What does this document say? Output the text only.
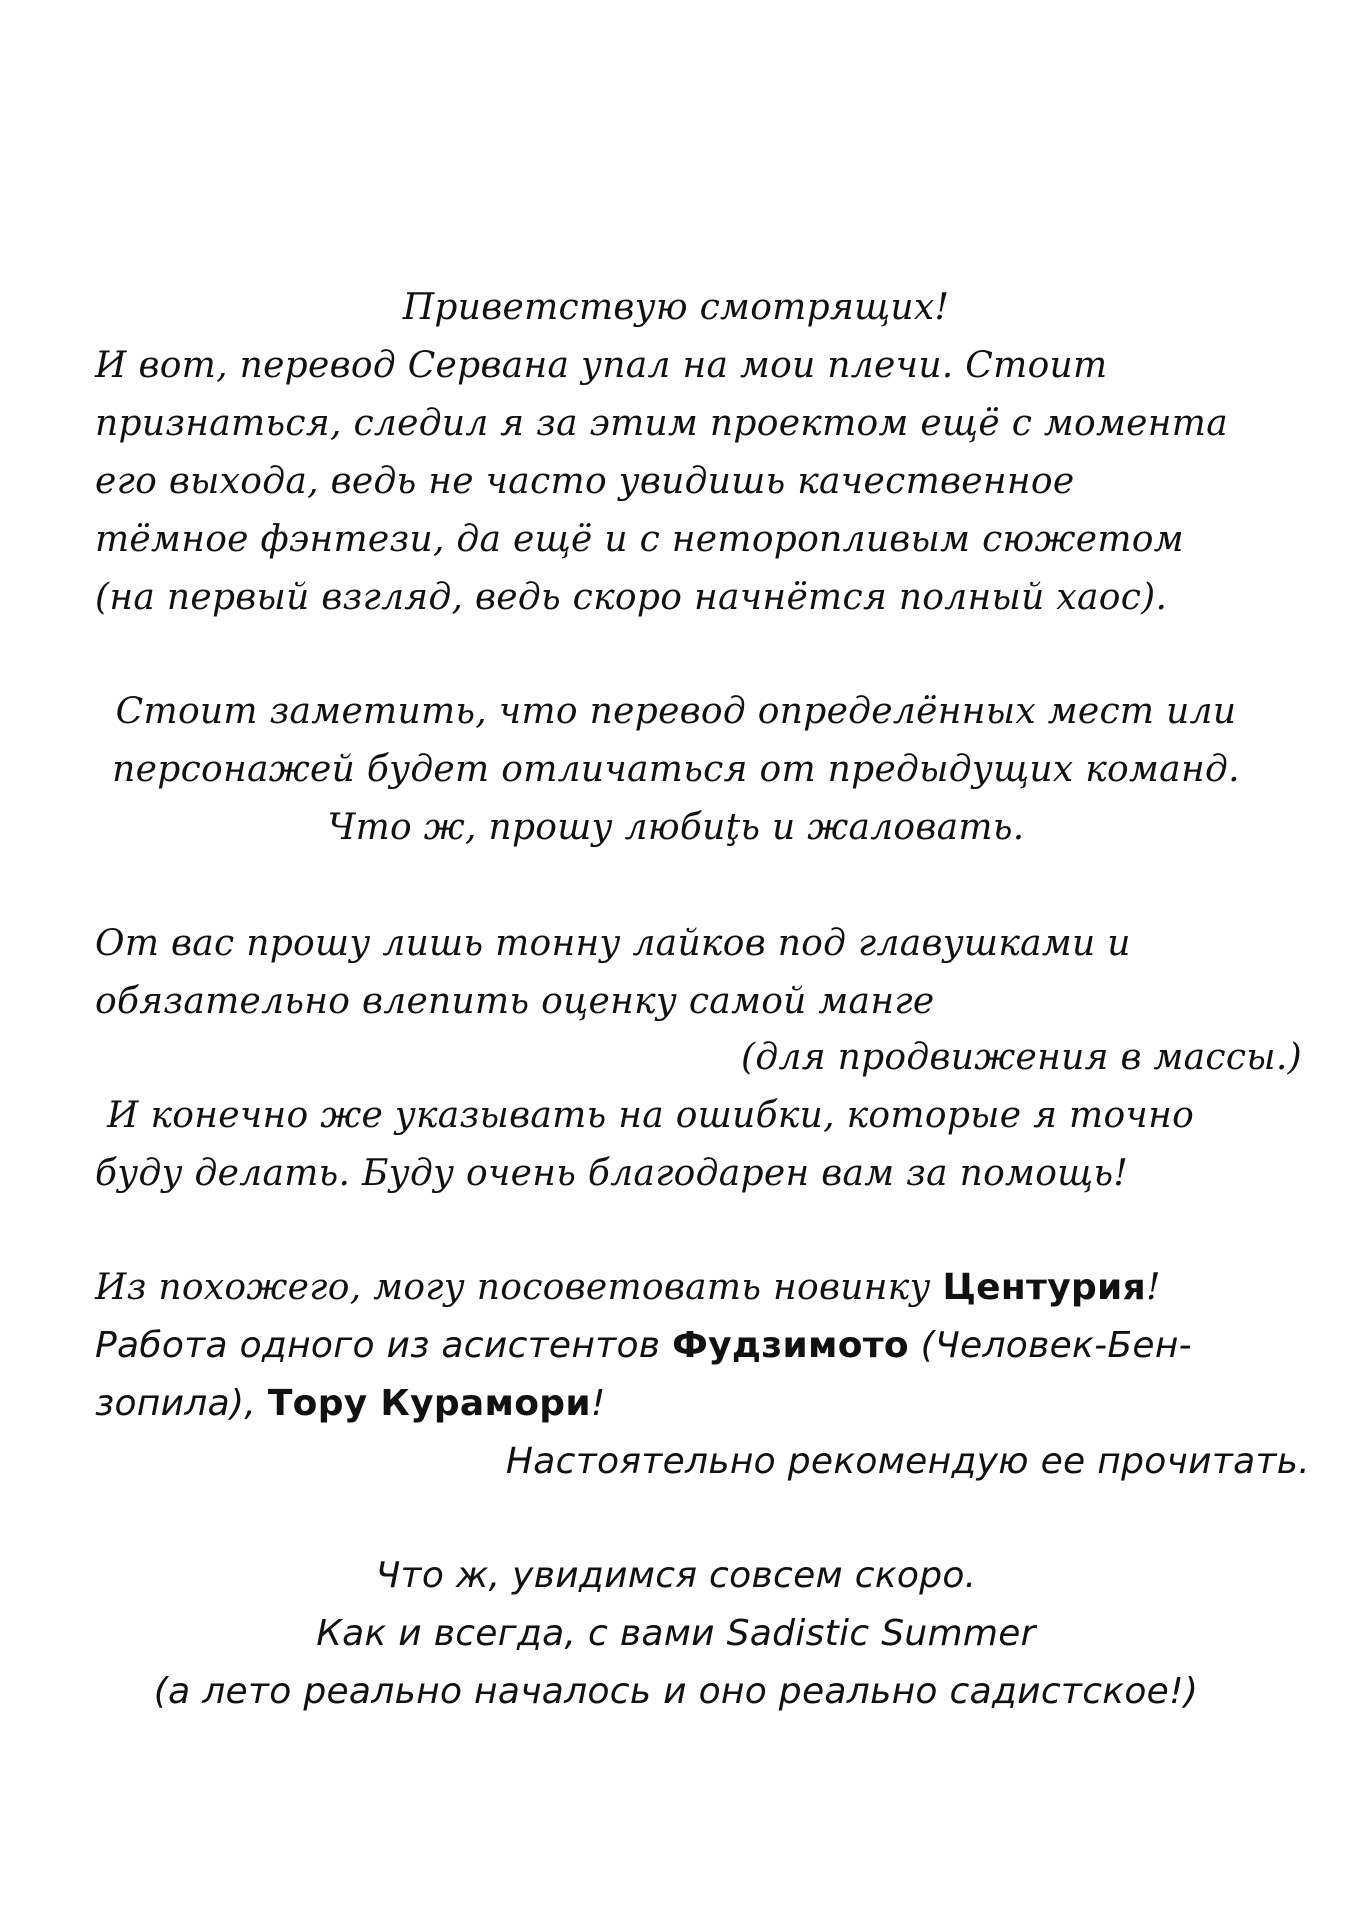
Приветствую смотрящих!
И вот, перевод Сервана упал на мои плечи. Стоит
признаться, следил я за этим проектом ещё с момента
его выхода, ведь не часто увидишь качественное
тёмное фэнтези, да ещё и с неторопливым сюжетом
(на первый взгляд, ведь скоро начнётся полный хаос).
Стоит заметить, что перевод определённых мест или
персонажей будет отличаться от предыдущих команд.
Что ж, прошу любиţь и жаловать.
От вас прошу лишь тонну лайков под главушками и
обязательно влепить оценку самой манге
(для продвижения в массы.)
И конечно же указывать на ошибки, которые я точно
буду делать. Буду очень благодарен вам за помощь!
Из похожего, могу посоветовать новинку Центурия!
Работа одного из асистентов Фудзимото (Человек-Бен-
зопила), Тору Курамори!
Настоятельно рекомендую ее прочитать.
Что ж, увидимся совсем скоро.
Как и всегда, с вами Sadistic Summer
(а лето реально началось и оно реально садистское!)
